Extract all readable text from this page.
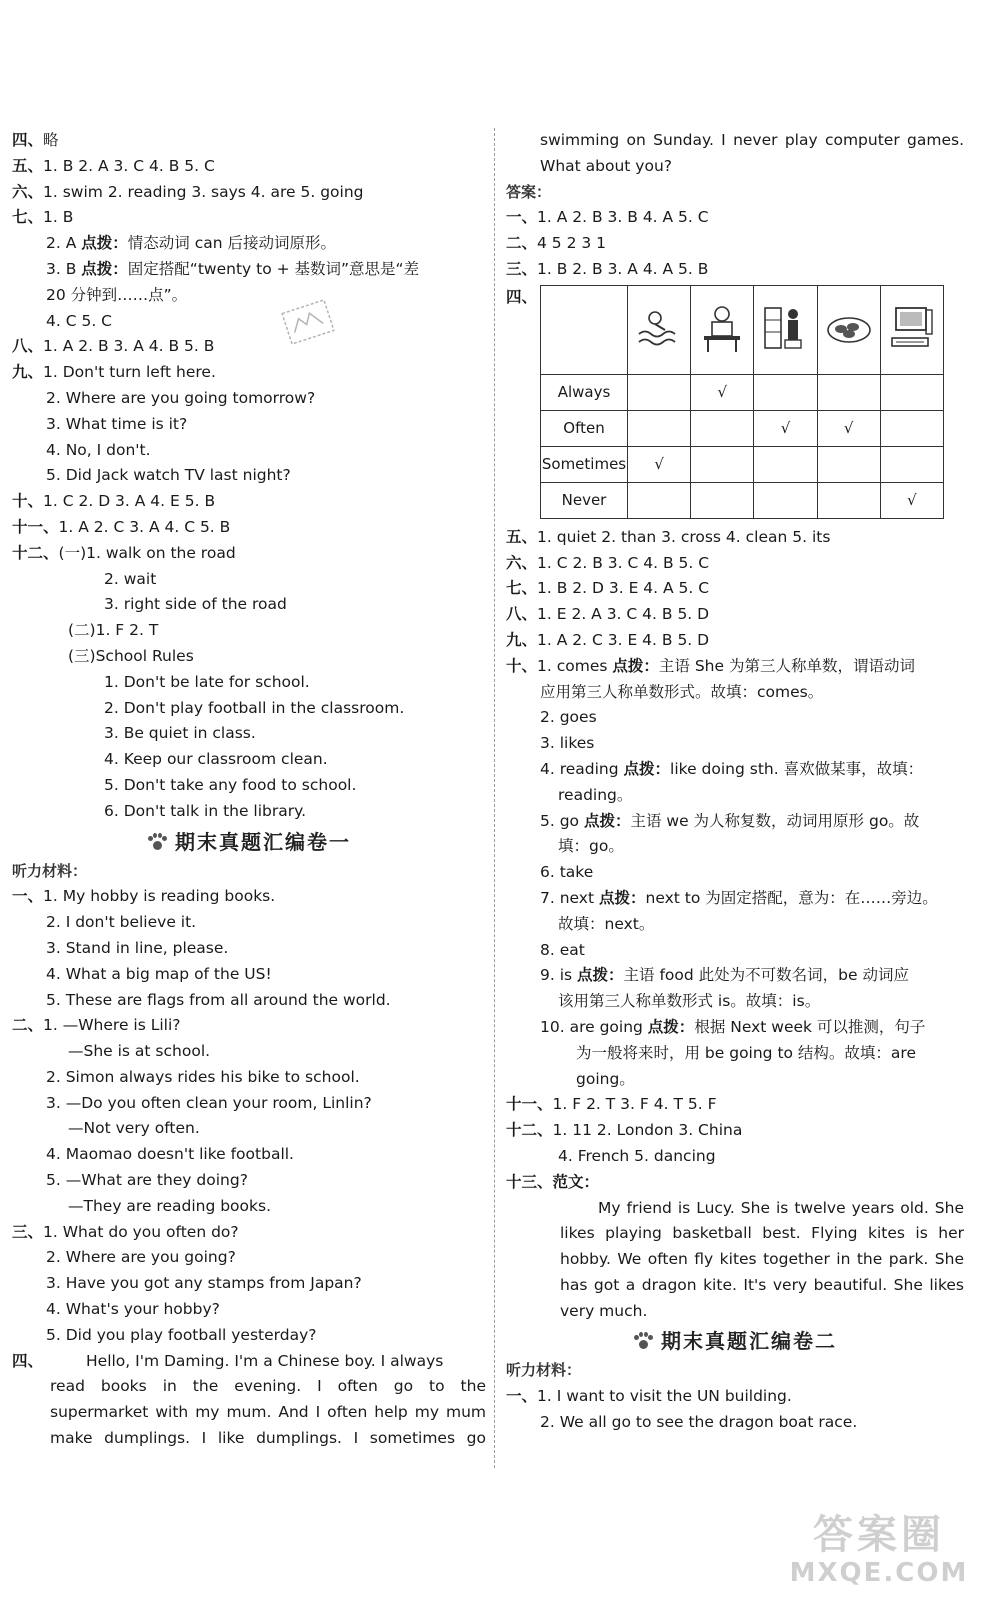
四、略
五、1. B 2. A 3. C 4. B 5. C
六、1. swim 2. reading 3. says 4. are 5. going
七、1. B
2. A 点拨：情态动词 can 后接动词原形。
3. B 点拨：固定搭配“twenty to + 基数词”意思是“差
20 分钟到……点”。
4. C 5. C
八、1. A 2. B 3. A 4. B 5. B
九、1. Don't turn left here.
2. Where are you going tomorrow?
3. What time is it?
4. No, I don't.
5. Did Jack watch TV last night?
十、1. C 2. D 3. A 4. E 5. B
十一、1. A 2. C 3. A 4. C 5. B
十二、(一)1. walk on the road
2. wait
3. right side of the road
(二)1. F 2. T
(三)School Rules
1. Don't be late for school.
2. Don't play football in the classroom.
3. Be quiet in class.
4. Keep our classroom clean.
5. Don't take any food to school.
6. Don't talk in the library.
期末真题汇编卷一
听力材料：
一、1. My hobby is reading books.
2. I don't believe it.
3. Stand in line, please.
4. What a big map of the US!
5. These are flags from all around the world.
二、1. —Where is Lili?
—She is at school.
2. Simon always rides his bike to school.
3. —Do you often clean your room, Linlin?
—Not very often.
4. Maomao doesn't like football.
5. —What are they doing?
—They are reading books.
三、1. What do you often do?
2. Where are you going?
3. Have you got any stamps from Japan?
4. What's your hobby?
5. Did you play football yesterday?
四、	Hello, I'm Daming. I'm a Chinese boy. I always
read books in the evening. I often go to the
supermarket with my mum. And I often help my mum
make dumplings. I like dumplings. I sometimes go
swimming on Sunday. I never play computer games.
What about you?
答案：
一、1. A 2. B 3. B 4. A 5. C
二、4 5 2 3 1
三、1. B 2. B 3. A 4. A 5. B
四、

Always		√			
Often			√	√	
Sometimes	√				
Never					√
五、1. quiet 2. than 3. cross 4. clean 5. its
六、1. C 2. B 3. C 4. B 5. C
七、1. B 2. D 3. E 4. A 5. C
八、1. E 2. A 3. C 4. B 5. D
九、1. A 2. C 3. E 4. B 5. D
十、1. comes 点拨：主语 She 为第三人称单数，谓语动词
应用第三人称单数形式。故填：comes。
2. goes
3. likes
4. reading 点拨：like doing sth. 喜欢做某事，故填：
reading。
5. go 点拨：主语 we 为人称复数，动词用原形 go。故
填：go。
6. take
7. next 点拨：next to 为固定搭配，意为：在……旁边。
故填：next。
8. eat
9. is 点拨：主语 food 此处为不可数名词，be 动词应
该用第三人称单数形式 is。故填：is。
10. are going 点拨：根据 Next week 可以推测，句子
为一般将来时，用 be going to 结构。故填：are
going。
十一、1. F 2. T 3. F 4. T 5. F
十二、1. 11 2. London 3. China
4. French 5. dancing
十三、范文：
My friend is Lucy. She is twelve years old. She
likes playing basketball best. Flying kites is her
hobby. We often fly kites together in the park. She
has got a dragon kite. It's very beautiful. She likes
very much.
期末真题汇编卷二
听力材料：
一、1. I want to visit the UN building.
2. We all go to see the dragon boat race.
答案圈
MXQE.COM
